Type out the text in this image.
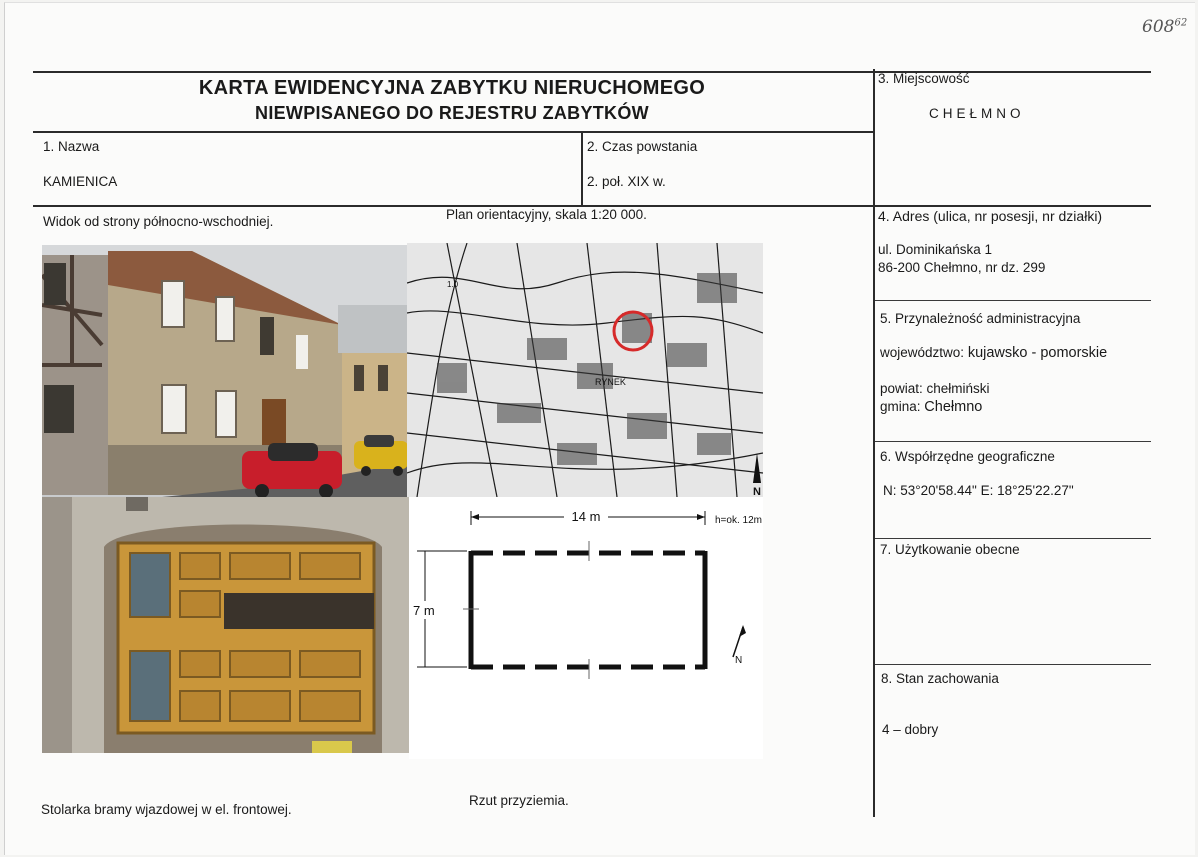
$608^{62}$
KARTA EWIDENCYJNA ZABYTKU NIERUCHOMEGO
NIEWPISANEGO DO REJESTRU ZABYTKÓW
1. Nazwa
KAMIENICA
2. Czas powstania
2. poł. XIX w.
3. Miejscowość
CHEŁMNO
4. Adres (ulica, nr posesji, nr działki)
ul. Dominikańska 1
86-200 Chełmno, nr dz. 299
5. Przynależność administracyjna
województwo: kujawsko - pomorskie
powiat: chełmiński
gmina: Chełmno
6. Współrzędne geograficzne
N: 53°20'58.44" E: 18°25'22.27"
7. Użytkowanie obecne
8. Stan zachowania
4 – dobry
Widok od strony północno-wschodniej.	Plan orientacyjny, skala 1:20 000.
Stolarka bramy wjazdowej w el. frontowej.
Rzut przyziemia.
RYNEK
1.0
N
14 m	h=ok. 12m
7 m
N
